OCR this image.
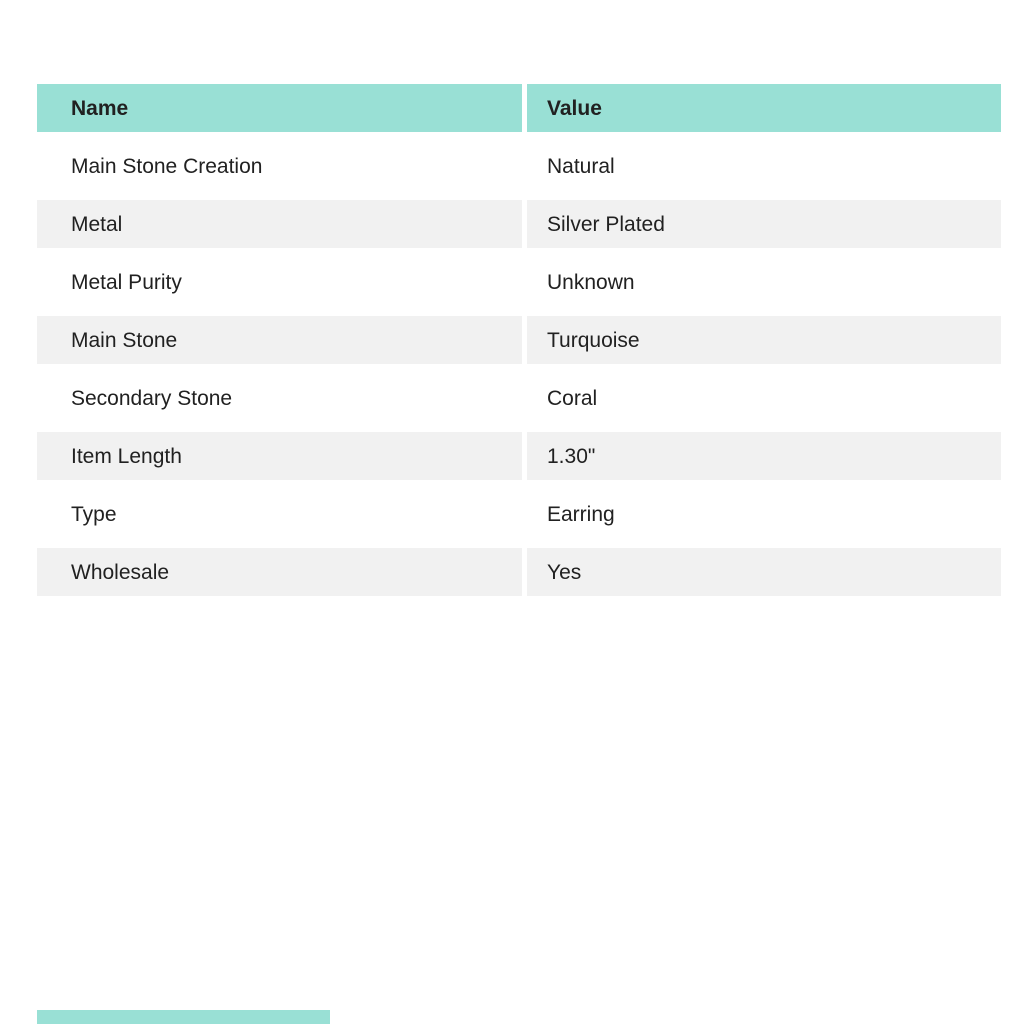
Name	Value
Main Stone Creation	Natural
Metal	Silver Plated
Metal Purity	Unknown
Main Stone	Turquoise
Secondary Stone	Coral
Item Length	1.30"
Type	Earring
Wholesale	Yes
